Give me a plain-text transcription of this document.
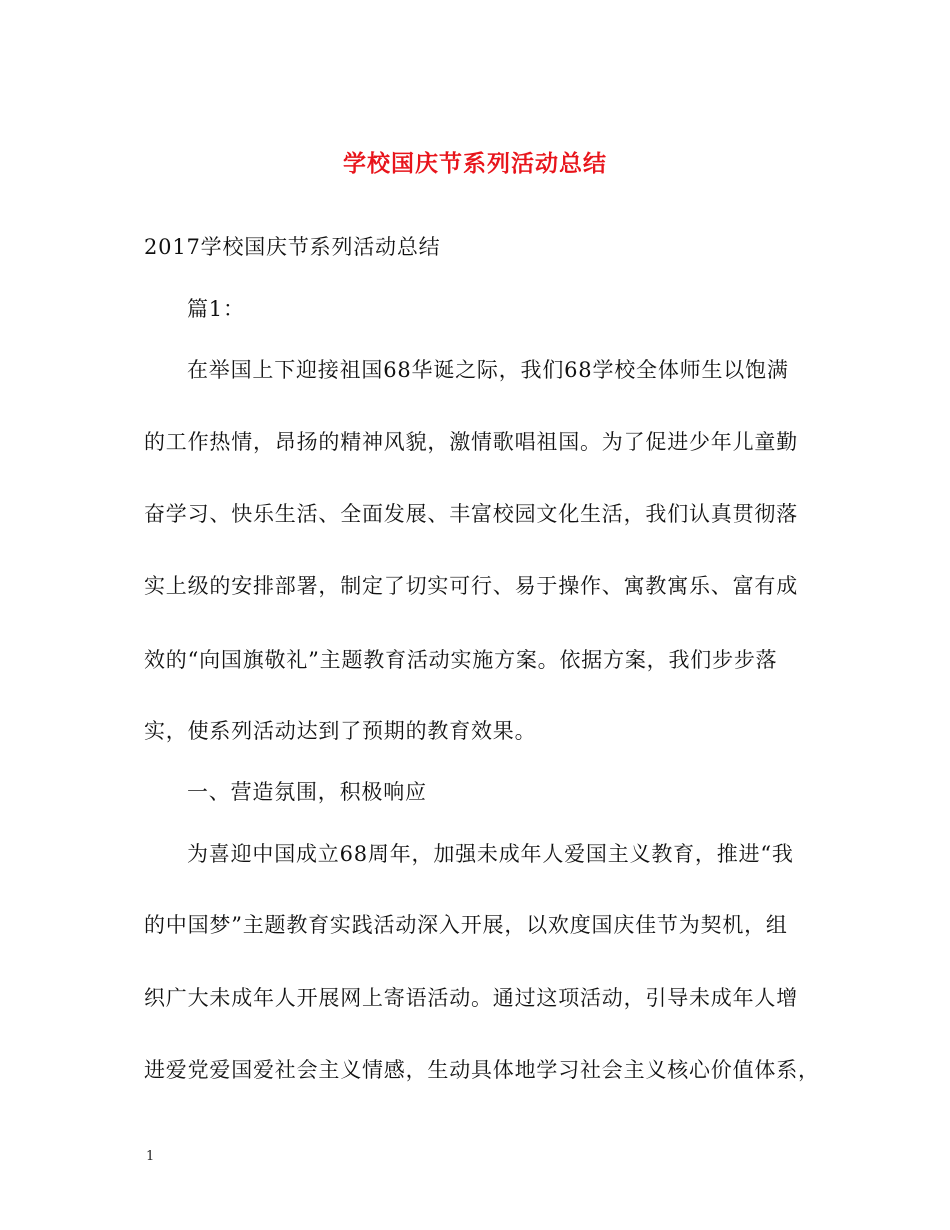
学校国庆节系列活动总结

2017学校国庆节系列活动总结

篇1：

在举国上下迎接祖国68华诞之际，我们68学校全体师生以饱满

的工作热情，昂扬的精神风貌，激情歌唱祖国。为了促进少年儿童勤

奋学习、快乐生活、全面发展、丰富校园文化生活，我们认真贯彻落

实上级的安排部署，制定了切实可行、易于操作、寓教寓乐、富有成

效的“向国旗敬礼”主题教育活动实施方案。依据方案，我们步步落

实，使系列活动达到了预期的教育效果。

一、营造氛围，积极响应

为喜迎中国成立68周年，加强未成年人爱国主义教育，推进“我

的中国梦”主题教育实践活动深入开展，以欢度国庆佳节为契机，组

织广大未成年人开展网上寄语活动。通过这项活动，引导未成年人增

进爱党爱国爱社会主义情感，生动具体地学习社会主义核心价值体系，

1
